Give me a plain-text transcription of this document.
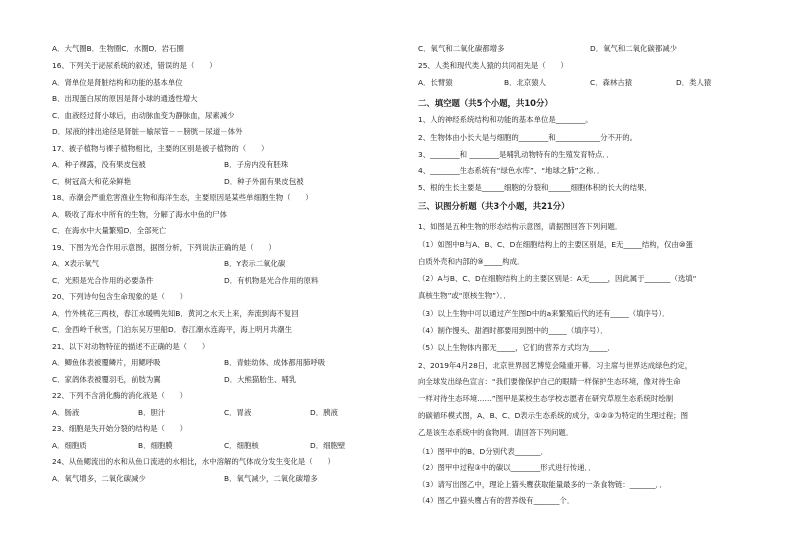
A．大气圈B．生物圈C．水圈D．岩石圈
16、下列关于泌尿系统的叙述，错误的是（　　）
A．肾单位是肾脏结构和功能的基本单位
B．出现蛋白尿的原因是肾小球的通透性增大
C．血液经过肾小球后，由动脉血变为静脉血，尿素减少
D．尿液的排出途径是肾脏－输尿管－－膀胱－尿道－体外
17、被子植物与裸子植物相比，主要的区别是被子植物的（　　）
A．种子裸露，没有果皮包被	B．子房内没有胚珠
C．树冠高大和花朵鲜艳	D．种子外面有果皮包被
18、赤潮会严重危害渔业生物和海洋生态，主要原因是某些单细胞生物（　　）
A．吸收了海水中所有的生物，分解了海水中鱼的尸体
C．在海水中大量繁殖D．全部死亡
19、下图为光合作用示意图，据图分析，下列说法正确的是（　　）
A．X表示氧气	B．Y表示二氧化碳
C．光照是光合作用的必要条件	D．有机物是光合作用的原料
20、下列诗句包含生命现象的是（　　）
A．竹外桃花三两枝，春江水暖鸭先知B．黄河之水天上来，奔流到海不复回
C．金西岭千秋雪，门泊东吴万里船D．春江潮水连海平，海上明月共潮生
21、以下对动物特征的描述不正确的是（　　）
A．鲫鱼体表被覆鳞片，用鳃呼吸	B．青蛙幼体、成体都用肺呼吸
C．家鸽体表被覆羽毛，前肢为翼	D．大熊猫胎生、哺乳
22、下列不含消化酶的消化液是（　　）
A．肠液	B．胆汁	C．胃液	D．胰液
23、细胞是失开始分裂的结构是（　　）
A．细胞质	B．细胞膜	C．细胞核	D．细胞壁
24、从鱼鳃流出的水和从鱼口流进的水相比，水中溶解的气体成分发生变化是（　　）
A．氧气增多，二氧化碳减少	B．氧气减少，二氧化碳增多
C．氧气和二氧化碳都增多	D．氧气和二氧化碳都减少
25、人类和现代类人猿的共同祖先是（　　）
A．长臂猿	B．北京猿人	C．森林古猿	D．类人猿
二、填空题（共5个小题，共10分）
1、人的神经系统结构和功能的基本单位是________。
2、生物体由小长大是与细胞的________和____________分不开的。
3、________和 ________是哺乳动物特有的生殖发育特点．．
4、________生态系统有“绿色水库”、“地球之肺”之称．．
5、根的生长主要是______细胞的分裂和______细胞体积的长大的结果．
三、识图分析题（共3个小题，共21分）
1、如图是五种生物的形态结构示意图，请据图回答下列问题．
（1）如图中B与A、B、C、D在细胞结构上的主要区别是，E无_____结构，仅由⑩蛋
白质外壳和内部的⑨_____构成．
（2）A与B、C、D在细胞结构上的主要区别是：A无_____，因此属于_______（选填“
真核生物”或“原核生物”）．．
（3）以上生物中可以通过产生图D中的a来繁殖后代的还有_____（填序号）．
（4）制作馒头、甜酒时都要用到图中的_____（填序号）．
（5）以上生物体内都无_____，它们的营养方式均为_____．
2、2019年4月28日，北京世界园艺博览会隆重开幕．习主席与世界达成绿色约定，
向全球发出绿色宣言：“我们要像保护自己的眼睛一样保护生态环境，像对待生命
一样对待生态环境……”图甲是某校生态学校志愿者在研究草原生态系统时绘制
的碳循环模式图，A、B、C、D表示生态系统的成分，①②③为特定的生理过程；图
乙是该生态系统中的食物网．请回答下列问题．
（1）图甲中的B、D分别代表_______．
（2）图甲中过程③中的碳以________形式进行传递．．
（3）请写出图乙中，理论上猫头鹰获取能量最多的一条食物链：_______．．
（4）图乙中猫头鹰占有的营养级有_______个．
